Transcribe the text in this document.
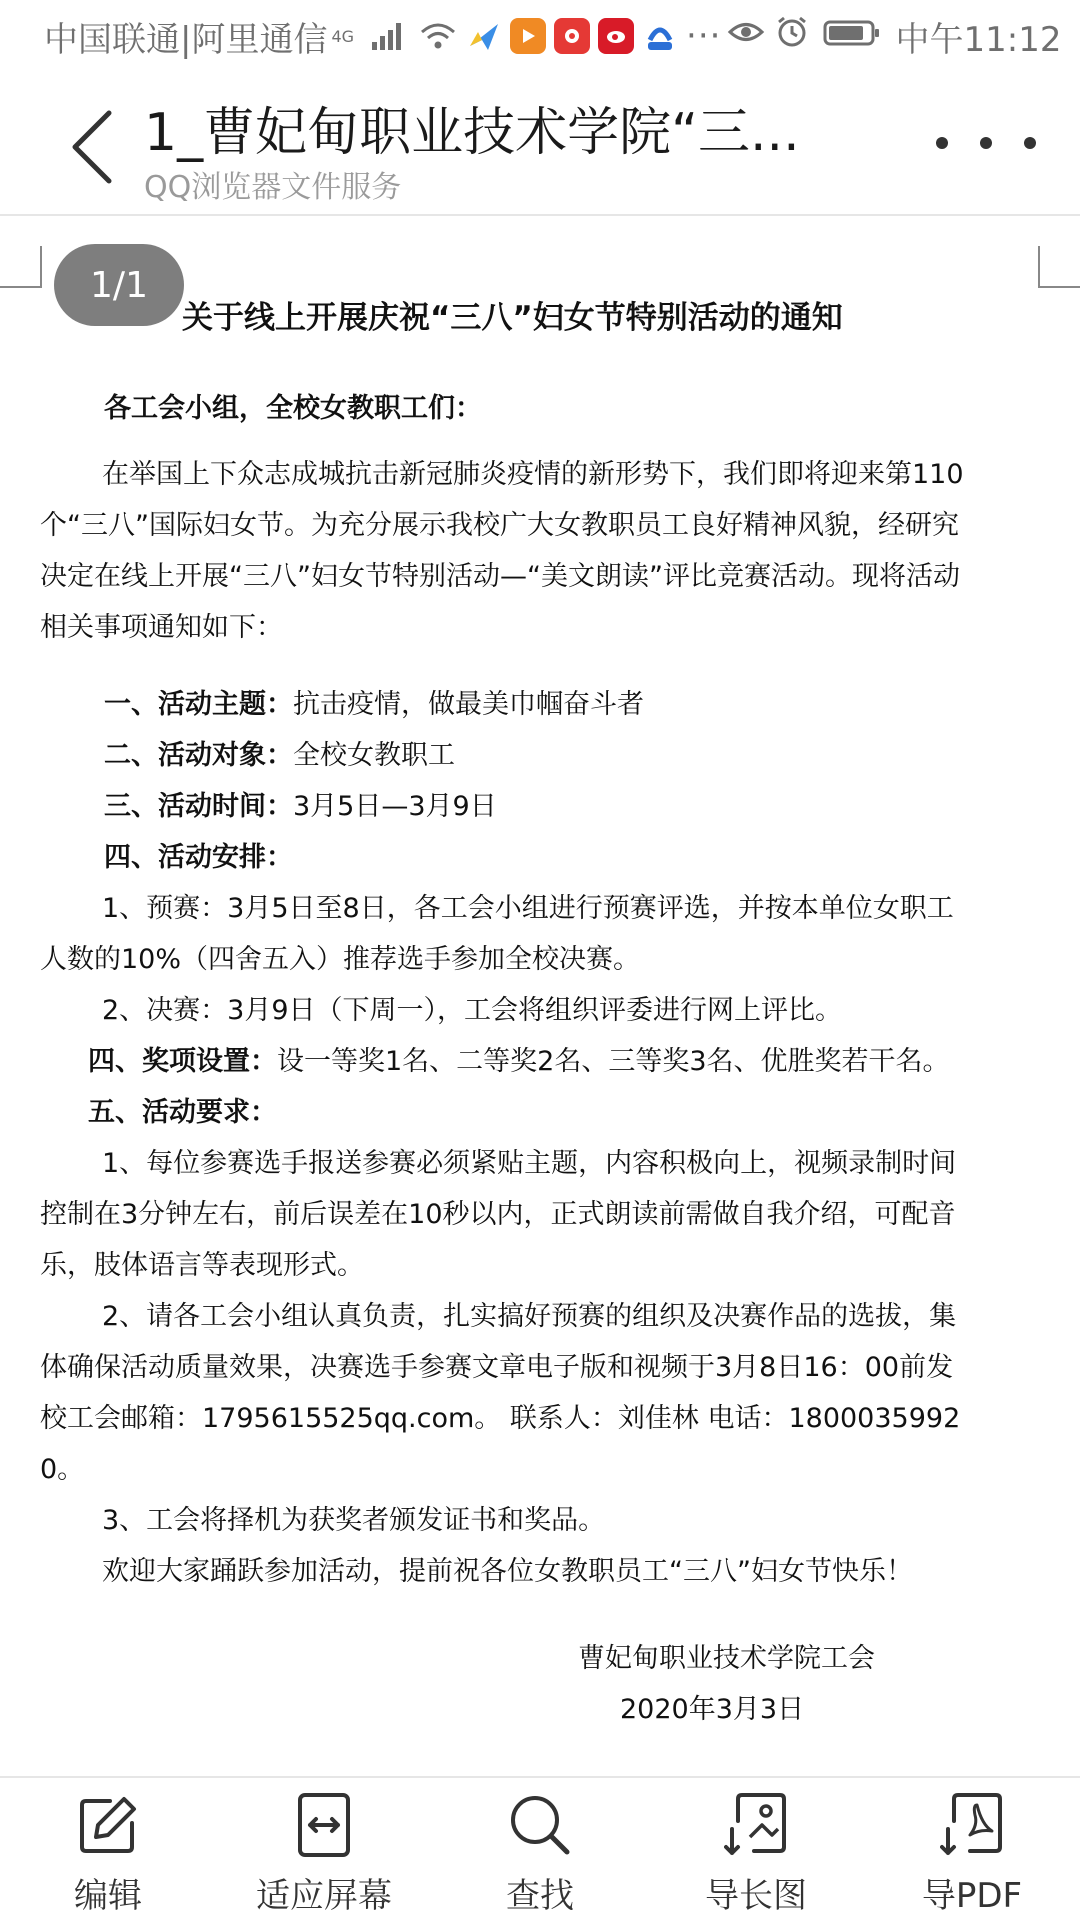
中国联通|阿里通信 4G	···	中午11:12
1_曹妃甸职业技术学院“三...
QQ浏览器文件服务
1/1
关于线上开展庆祝“三八”妇女节特别活动的通知
各工会小组，全校女教职工们：
在举国上下众志成城抗击新冠肺炎疫情的新形势下，我们即将迎来第110
个“三八”国际妇女节。为充分展示我校广大女教职员工良好精神风貌，经研究
决定在线上开展“三八”妇女节特别活动—“美文朗读”评比竞赛活动。现将活动
相关事项通知如下：
一、活动主题：抗击疫情，做最美巾帼奋斗者
二、活动对象：全校女教职工
三、活动时间：3月5日—3月9日
四、活动安排：
1、预赛：3月5日至8日，各工会小组进行预赛评选，并按本单位女职工
人数的10%（四舍五入）推荐选手参加全校决赛。
2、决赛：3月9日（下周一），工会将组织评委进行网上评比。
四、奖项设置：设一等奖1名、二等奖2名、三等奖3名、优胜奖若干名。
五、活动要求：
1、每位参赛选手报送参赛必须紧贴主题，内容积极向上，视频录制时间
控制在3分钟左右，前后误差在10秒以内，正式朗读前需做自我介绍，可配音
乐，肢体语言等表现形式。
2、请各工会小组认真负责，扎实搞好预赛的组织及决赛作品的选拔，集
体确保活动质量效果，决赛选手参赛文章电子版和视频于3月8日16：00前发
校工会邮箱：1795615525qq.com。 联系人：刘佳林 电话：1800035992
0。
3、工会将择机为获奖者颁发证书和奖品。
欢迎大家踊跃参加活动，提前祝各位女教职员工“三八”妇女节快乐！
曹妃甸职业技术学院工会
2020年3月3日
编辑	适应屏幕	查找	导长图	导PDF
